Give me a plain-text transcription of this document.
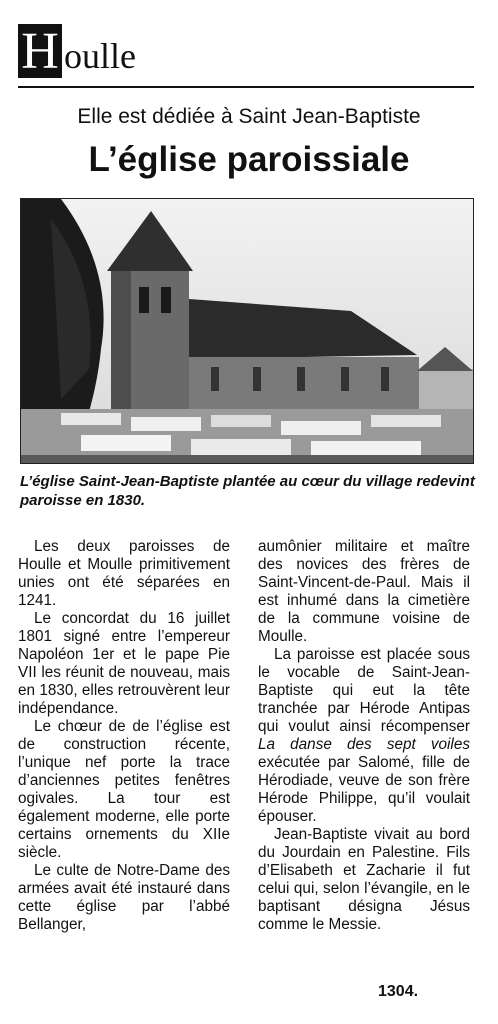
H oulle
Elle est dédiée à Saint Jean-Baptiste
L’église paroissiale
L’église Saint-Jean-Baptiste plantée au cœur du village redevint paroisse en 1830.

Les deux paroisses de Houlle et Moulle primitivement unies ont été séparées en 1241.

Le concordat du 16 juillet 1801 signé entre l’empereur Napoléon 1er et le pape Pie VII les réunit de nouveau, mais en 1830, elles retrouvèrent leur indépendance.

Le chœur de de l’église est de construction récente, l’unique nef porte la trace d’anciennes petites fenêtres ogivales. La tour est également moderne, elle porte certains ornements du XIIe siècle.

Le culte de Notre-Dame des armées avait été instauré dans cette église par l’abbé Bellanger,

aumônier militaire et maître des novices des frères de Saint-Vincent-de-Paul. Mais il est inhumé dans la cimetière de la commune voisine de Moulle.

La paroisse est placée sous le vocable de Saint-Jean-Baptiste qui eut la tête tranchée par Hérode Antipas qui voulut ainsi récompenser La danse des sept voiles exécutée par Salomé, fille de Hérodiade, veuve de son frère Hérode Philippe, qu’il voulait épouser.

Jean-Baptiste vivait au bord du Jourdain en Palestine. Fils d’Elisabeth et Zacharie il fut celui qui, selon l’évangile, en le baptisant désigna Jésus comme le Messie.

1304.
